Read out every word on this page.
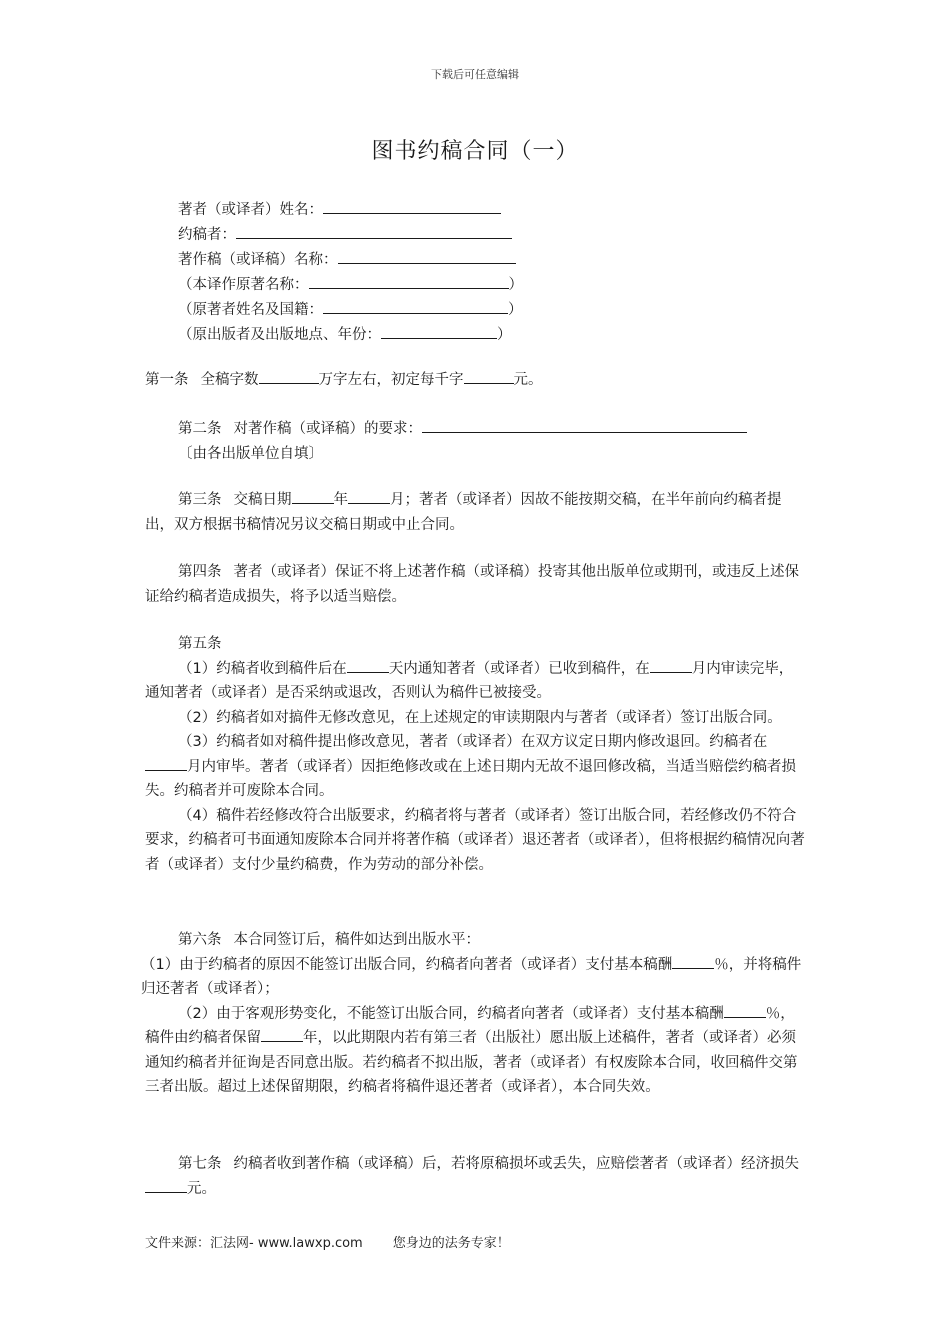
下载后可任意编辑
图书约稿合同（一）
著者（或译者）姓名：
约稿者：
著作稿（或译稿）名称：
（本译作原著名称：	）
（原著者姓名及国籍：	）
（原出版者及出版地点、年份：	）

第一条 全稿字数	万字左右，初定每千字	元。

第二条 对著作稿（或译稿）的要求：

〔由各出版单位自填〕

第三条 交稿日期	年	月；著者（或译者）因故不能按期交稿，在半年前向约稿者提出，双方根据书稿情况另议交稿日期或中止合同。

第四条 著者（或译者）保证不将上述著作稿（或译稿）投寄其他出版单位或期刊，或违反上述保证给约稿者造成损失，将予以适当赔偿。

第五条

（1）约稿者收到稿件后在	天内通知著者（或译者）已收到稿件，在	月内审读完毕，通知著者（或译者）是否采纳或退改，否则认为稿件已被接受。

（2）约稿者如对搞件无修改意见，在上述规定的审读期限内与著者（或译者）签订出版合同。

（3）约稿者如对稿件提出修改意见，著者（或译者）在双方议定日期内修改退回。约稿者在月内审毕。著者（或译者）因拒绝修改或在上述日期内无故不退回修改稿，当适当赔偿约稿者损失。约稿者并可废除本合同。

（4）稿件若经修改符合出版要求，约稿者将与著者（或译者）签订出版合同，若经修改仍不符合要求，约稿者可书面通知废除本合同并将著作稿（或译者）退还著者（或译者），但将根据约稿情况向著者（或译者）支付少量约稿费，作为劳动的部分补偿。

第六条 本合同签订后，稿件如达到出版水平：

（1）由于约稿者的原因不能签订出版合同，约稿者向著者（或译者）支付基本稿酬	％，并将稿件归还著者（或译者）；

（2）由于客观形势变化，不能签订出版合同，约稿者向著者（或译者）支付基本稿酬	％，稿件由约稿者保留	年，以此期限内若有第三者（出版社）愿出版上述稿件，著者（或译者）必须通知约稿者并征询是否同意出版。若约稿者不拟出版，著者（或译者）有权废除本合同，收回稿件交第三者出版。超过上述保留期限，约稿者将稿件退还著者（或译者），本合同失效。

第七条 约稿者收到著作稿（或译稿）后，若将原稿损坏或丢失，应赔偿著者（或译者）经济损失元。

文件来源：汇法网- www.lawxp.com 您身边的法务专家！
